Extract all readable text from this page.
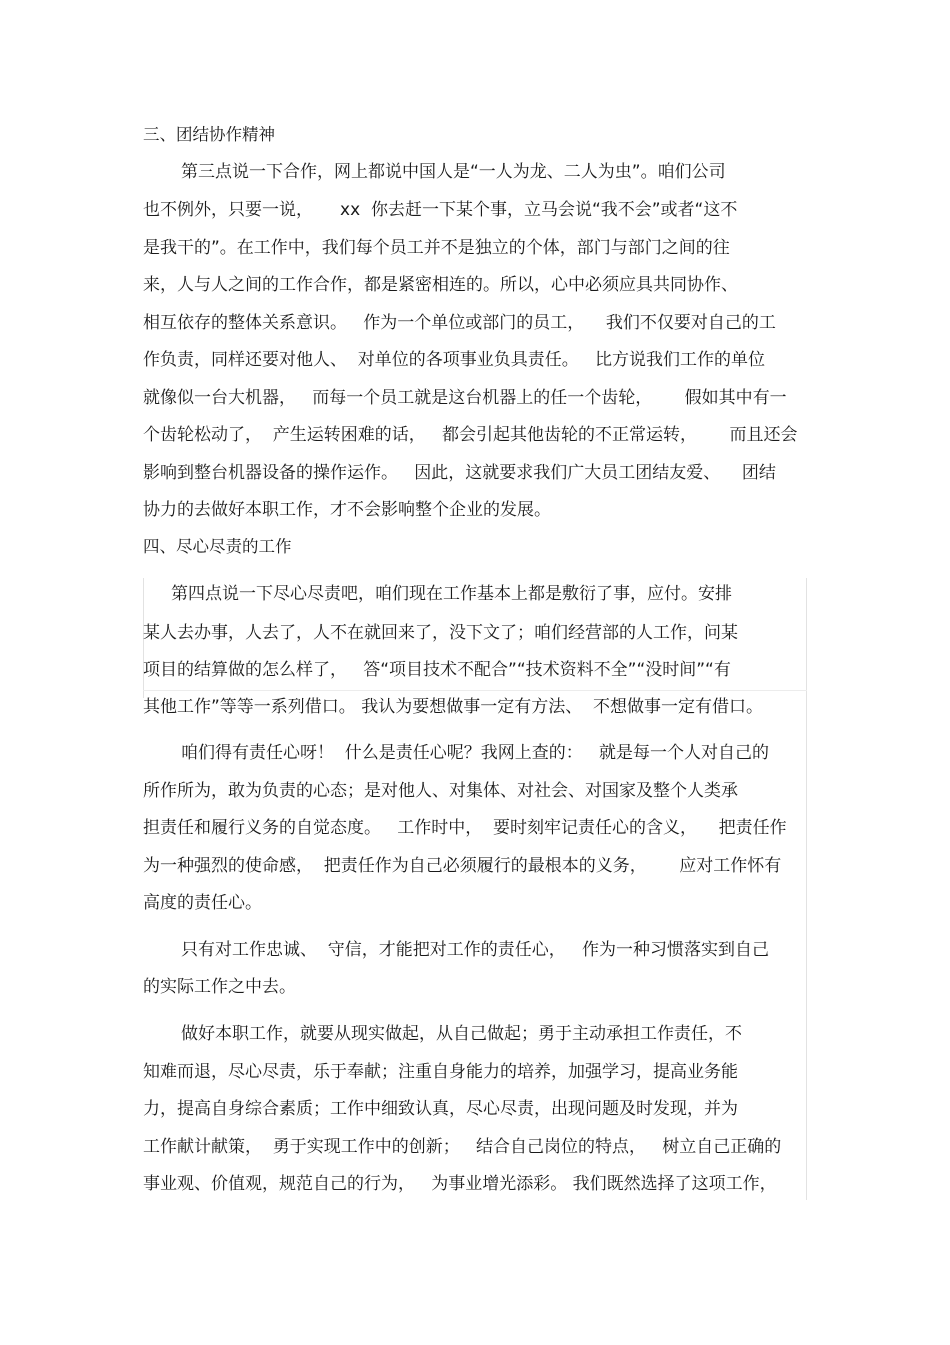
三、团结协作精神
第三点说一下合作，网上都说中国人是“一人为龙、二人为虫”。咱们公司
也不例外，只要一说，     xx  你去赶一下某个事，立马会说“我不会”或者“这不
是我干的”。在工作中，我们每个员工并不是独立的个体，部门与部门之间的往
来，人与人之间的工作合作，都是紧密相连的。所以，心中必须应具共同协作、
相互依存的整体关系意识。   作为一个单位或部门的员工，    我们不仅要对自己的工
作负责，同样还要对他人、  对单位的各项事业负具责任。   比方说我们工作的单位
就像似一台大机器，   而每一个员工就是这台机器上的任一个齿轮，      假如其中有一
个齿轮松动了，  产生运转困难的话，   都会引起其他齿轮的不正常运转，      而且还会
影响到整台机器设备的操作运作。   因此，这就要求我们广大员工团结友爱、    团结
协力的去做好本职工作，才不会影响整个企业的发展。
四、尽心尽责的工作
第四点说一下尽心尽责吧，咱们现在工作基本上都是敷衍了事，应付。安排
某人去办事，人去了，人不在就回来了，没下文了；咱们经营部的人工作，问某
项目的结算做的怎么样了，   答“项目技术不配合”“技术资料不全”“没时间”“有
其他工作”等等一系列借口。 我认为要想做事一定有方法、  不想做事一定有借口。
咱们得有责任心呀！  什么是责任心呢？我网上查的：   就是每一个人对自己的
所作所为，敢为负责的心态；是对他人、对集体、对社会、对国家及整个人类承
担责任和履行义务的自觉态度。   工作时中，  要时刻牢记责任心的含义，    把责任作
为一种强烈的使命感，  把责任作为自己必须履行的最根本的义务，      应对工作怀有
高度的责任心。
只有对工作忠诚、  守信，才能把对工作的责任心，   作为一种习惯落实到自己
的实际工作之中去。
做好本职工作，就要从现实做起，从自己做起；勇于主动承担工作责任，不
知难而退，尽心尽责，乐于奉献；注重自身能力的培养，加强学习，提高业务能
力，提高自身综合素质；工作中细致认真，尽心尽责，出现问题及时发现，并为
工作献计献策，  勇于实现工作中的创新；   结合自己岗位的特点，   树立自己正确的
事业观、价值观，规范自己的行为，   为事业增光添彩。 我们既然选择了这项工作，
